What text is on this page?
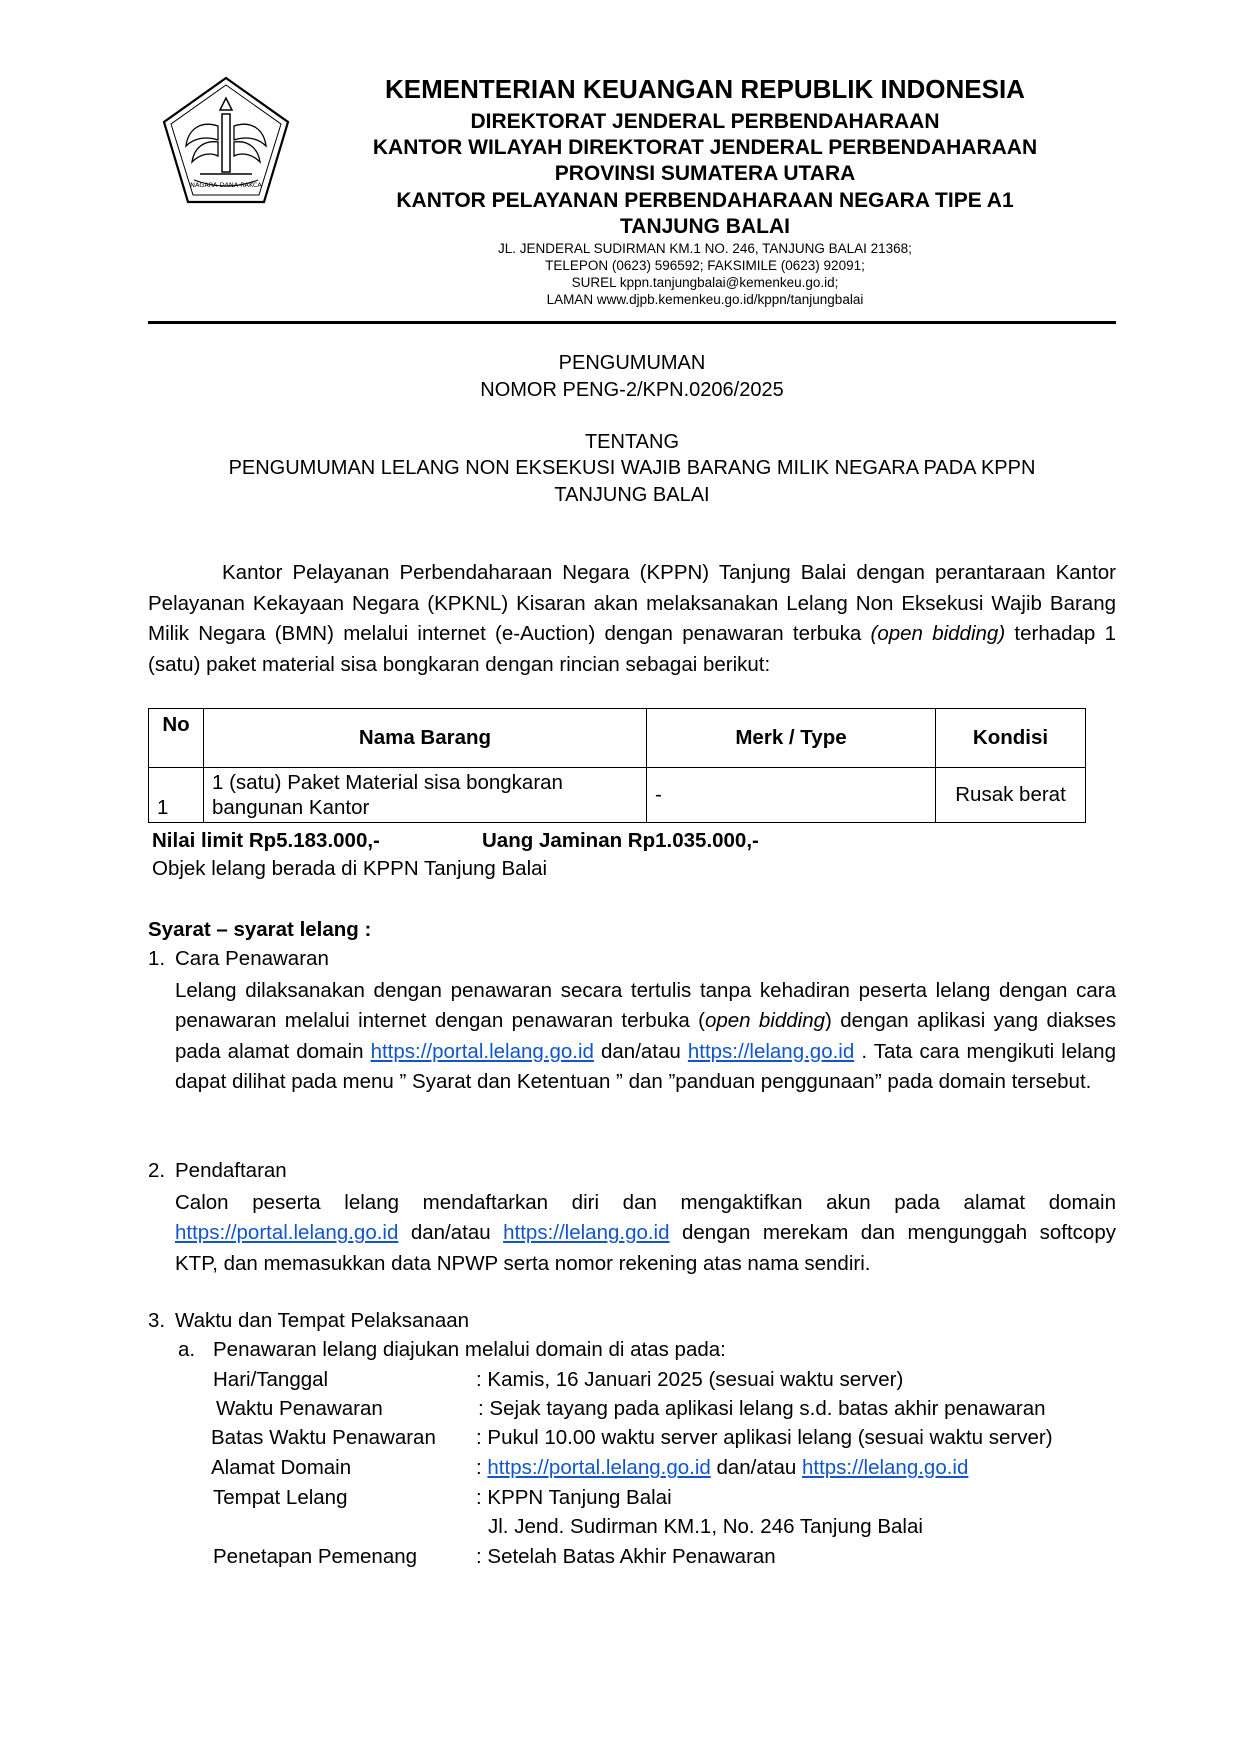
NAGARA DANA RAKCA
KEMENTERIAN KEUANGAN REPUBLIK INDONESIA
DIREKTORAT JENDERAL PERBENDAHARAAN
KANTOR WILAYAH DIREKTORAT JENDERAL PERBENDAHARAAN
PROVINSI SUMATERA UTARA
KANTOR PELAYANAN PERBENDAHARAAN NEGARA TIPE A1
TANJUNG BALAI
JL. JENDERAL SUDIRMAN KM.1 NO. 246, TANJUNG BALAI 21368;
TELEPON (0623) 596592; FAKSIMILE (0623) 92091;
SUREL kppn.tanjungbalai@kemenkeu.go.id;
LAMAN www.djpb.kemenkeu.go.id/kppn/tanjungbalai
PENGUMUMAN
NOMOR PENG-2/KPN.0206/2025
TENTANG
PENGUMUMAN LELANG NON EKSEKUSI WAJIB BARANG MILIK NEGARA PADA KPPN
TANJUNG BALAI
Kantor Pelayanan Perbendaharaan Negara (KPPN) Tanjung Balai dengan perantaraan Kantor Pelayanan Kekayaan Negara (KPKNL) Kisaran akan melaksanakan Lelang Non Eksekusi Wajib Barang Milik Negara (BMN) melalui internet (e-Auction) dengan penawaran terbuka (open bidding) terhadap 1 (satu) paket material sisa bongkaran dengan rincian sebagai berikut:
No	Nama Barang	Merk / Type	Kondisi
1	1 (satu) Paket Material sisa bongkaran bangunan Kantor	-	Rusak berat
Nilai limit Rp5.183.000,-	Uang Jaminan Rp1.035.000,-
Objek lelang berada di KPPN Tanjung Balai
Syarat – syarat lelang :
1. Cara Penawaran
Lelang dilaksanakan dengan penawaran secara tertulis tanpa kehadiran peserta lelang dengan cara penawaran melalui internet dengan penawaran terbuka (open bidding) dengan aplikasi yang diakses pada alamat domain https://portal.lelang.go.id dan/atau https://lelang.go.id . Tata cara mengikuti lelang dapat dilihat pada menu ” Syarat dan Ketentuan ” dan ”panduan penggunaan” pada domain tersebut.
2. Pendaftaran
Calon peserta lelang mendaftarkan diri dan mengaktifkan akun pada alamat domain https://portal.lelang.go.id dan/atau https://lelang.go.id dengan merekam dan mengunggah softcopy KTP, dan memasukkan data NPWP serta nomor rekening atas nama sendiri.
3. Waktu dan Tempat Pelaksanaan
a. Penawaran lelang diajukan melalui domain di atas pada:
Hari/Tanggal	: Kamis, 16 Januari 2025 (sesuai waktu server)
Waktu Penawaran	: Sejak tayang pada aplikasi lelang s.d. batas akhir penawaran
Batas Waktu Penawaran : Pukul 10.00 waktu server aplikasi lelang (sesuai waktu server)
Alamat Domain	: https://portal.lelang.go.id dan/atau https://lelang.go.id
Tempat Lelang	: KPPN Tanjung Balai
Jl. Jend. Sudirman KM.1, No. 246 Tanjung Balai
Penetapan Pemenang	: Setelah Batas Akhir Penawaran
